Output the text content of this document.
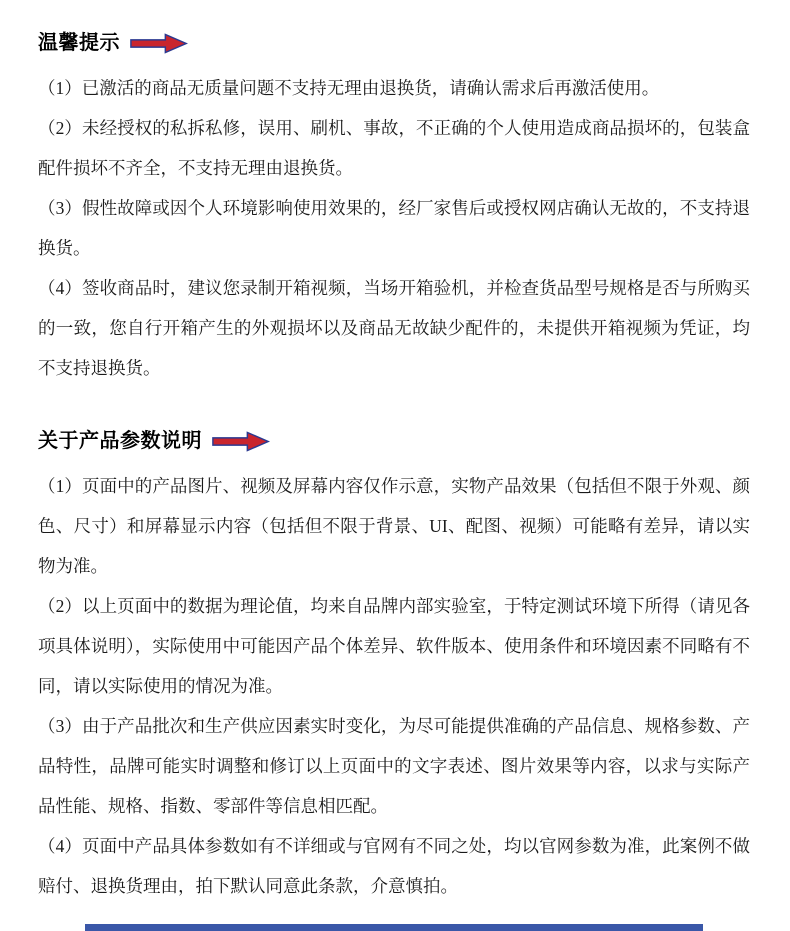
温馨提示

（1）已激活的商品无质量问题不支持无理由退换货，请确认需求后再激活使用。

（2）未经授权的私拆私修，误用、刷机、事故，不正确的个人使用造成商品损坏的，包装盒配件损坏不齐全，不支持无理由退换货。

（3）假性故障或因个人环境影响使用效果的，经厂家售后或授权网店确认无故的，不支持退换货。

（4）签收商品时，建议您录制开箱视频，当场开箱验机，并检查货品型号规格是否与所购买的一致，您自行开箱产生的外观损坏以及商品无故缺少配件的，未提供开箱视频为凭证，均不支持退换货。

关于产品参数说明

（1）页面中的产品图片、视频及屏幕内容仅作示意，实物产品效果（包括但不限于外观、颜色、尺寸）和屏幕显示内容（包括但不限于背景、UI、配图、视频）可能略有差异，请以实物为准。

（2）以上页面中的数据为理论值，均来自品牌内部实验室，于特定测试环境下所得（请见各项具体说明），实际使用中可能因产品个体差异、软件版本、使用条件和环境因素不同略有不同，请以实际使用的情况为准。

（3）由于产品批次和生产供应因素实时变化，为尽可能提供准确的产品信息、规格参数、产品特性，品牌可能实时调整和修订以上页面中的文字表述、图片效果等内容，以求与实际产品性能、规格、指数、零部件等信息相匹配。

（4）页面中产品具体参数如有不详细或与官网有不同之处，均以官网参数为准，此案例不做赔付、退换货理由，拍下默认同意此条款，介意慎拍。
